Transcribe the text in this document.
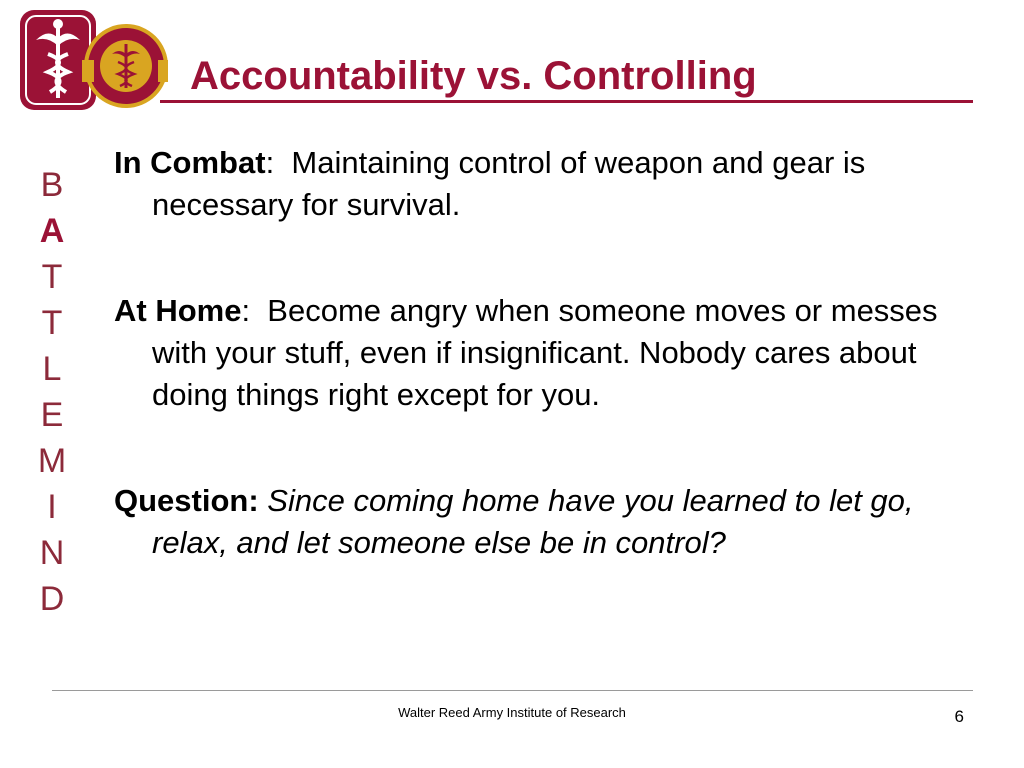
Accountability vs. Controlling
B
A
T
T
L
E
M
I
N
D

In Combat:  Maintaining control of weapon and gear is necessary for survival.

At Home:  Become angry when someone moves or messes with your stuff, even if insignificant. Nobody cares about doing things right except for you.

Question: Since coming home have you learned to let go, relax, and let someone else be in control?

Walter Reed Army Institute of Research	6
